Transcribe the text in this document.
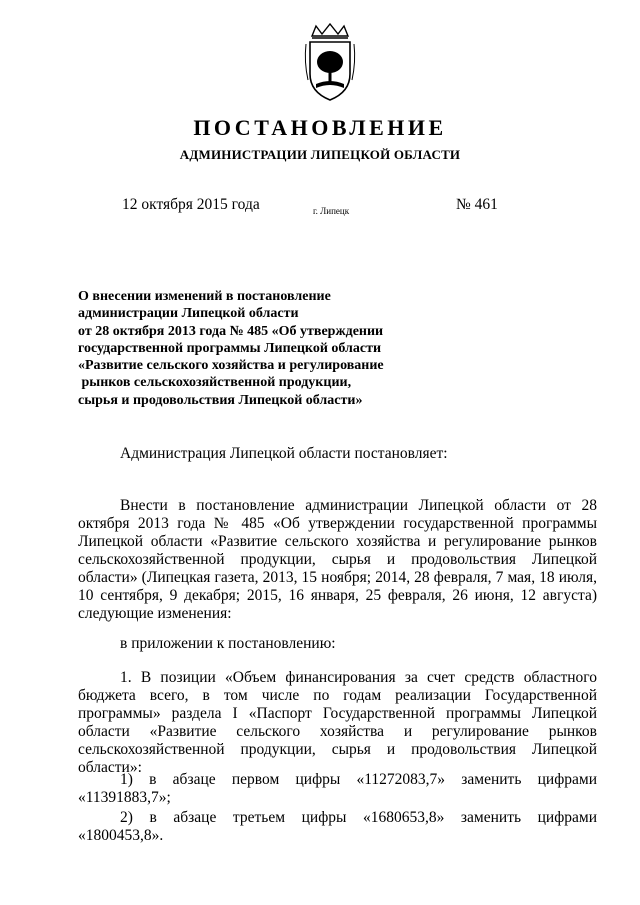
ПОСТАНОВЛЕНИЕ
АДМИНИСТРАЦИИ ЛИПЕЦКОЙ ОБЛАСТИ
12 октября 2015 года	г. Липецк	№ 461
О внесении изменений в постановление
администрации Липецкой области
от 28 октября 2013 года № 485 «Об утверждении
государственной программы Липецкой области
«Развитие сельского хозяйства и регулирование
рынков сельскохозяйственной продукции,
сырья и продовольствия Липецкой области»
Администрация Липецкой области постановляет:

Внести в постановление администрации Липецкой области от 28 октября 2013 года № 485 «Об утверждении государственной программы Липецкой области «Развитие сельского хозяйства и регулирование рынков сельскохозяйственной продукции, сырья и продовольствия Липецкой области» (Липецкая газета, 2013, 15 ноября; 2014, 28 февраля, 7 мая, 18 июля, 10 сентября, 9 декабря; 2015, 16 января, 25 февраля, 26 июня, 12 августа) следующие изменения:

в приложении к постановлению:

1. В позиции «Объем финансирования за счет средств областного бюджета всего, в том числе по годам реализации Государственной программы» раздела I «Паспорт Государственной программы Липецкой области «Развитие сельского хозяйства и регулирование рынков сельскохозяйственной продукции, сырья и продовольствия Липецкой области»:

1) в абзаце первом цифры «11272083,7» заменить цифрами «11391883,7»;

2) в абзаце третьем цифры «1680653,8» заменить цифрами «1800453,8».
